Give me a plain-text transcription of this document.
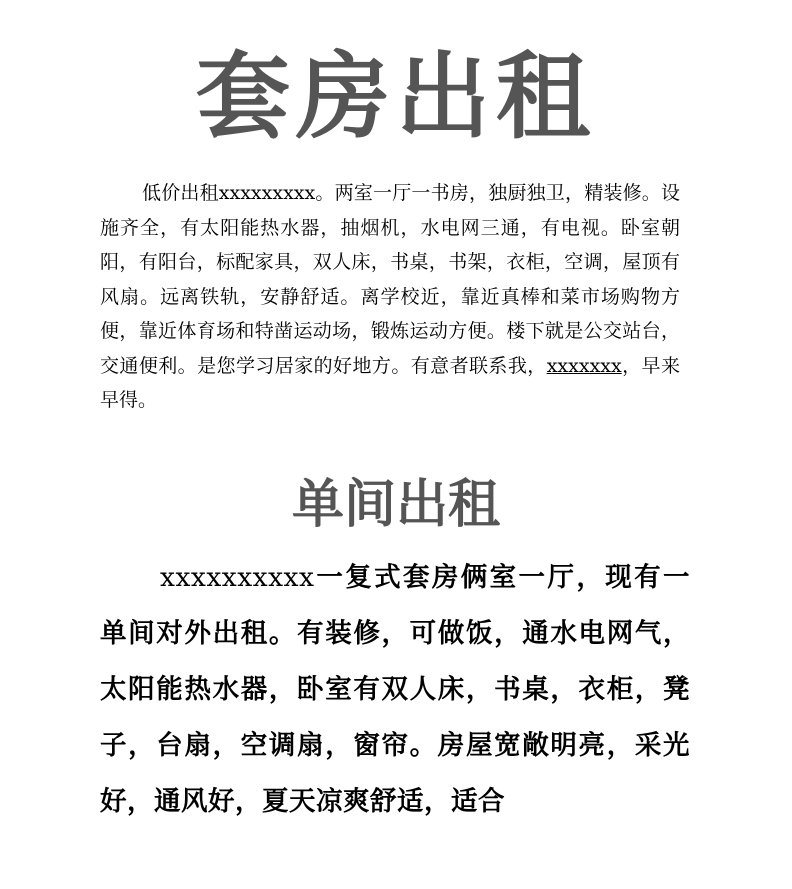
套房出租
低价出租xxxxxxxxx。两室一厅一书房，独厨独卫，精装修。设施齐全，有太阳能热水器，抽烟机，水电网三通，有电视。卧室朝阳，有阳台，标配家具，双人床，书桌，书架，衣柜，空调，屋顶有风扇。远离铁轨，安静舒适。离学校近，靠近真棒和菜市场购物方便，靠近体育场和特凿运动场，锻炼运动方便。楼下就是公交站台，交通便利。是您学习居家的好地方。有意者联系我，xxxxxxx，早来早得。
单间出租
xxxxxxxxxx一复式套房俩室一厅，现有一单间对外出租。有装修，可做饭，通水电网气，太阳能热水器，卧室有双人床，书桌，衣柜，凳子，台扇，空调扇，窗帘。房屋宽敞明亮，采光好，通风好，夏天凉爽舒适，适合
